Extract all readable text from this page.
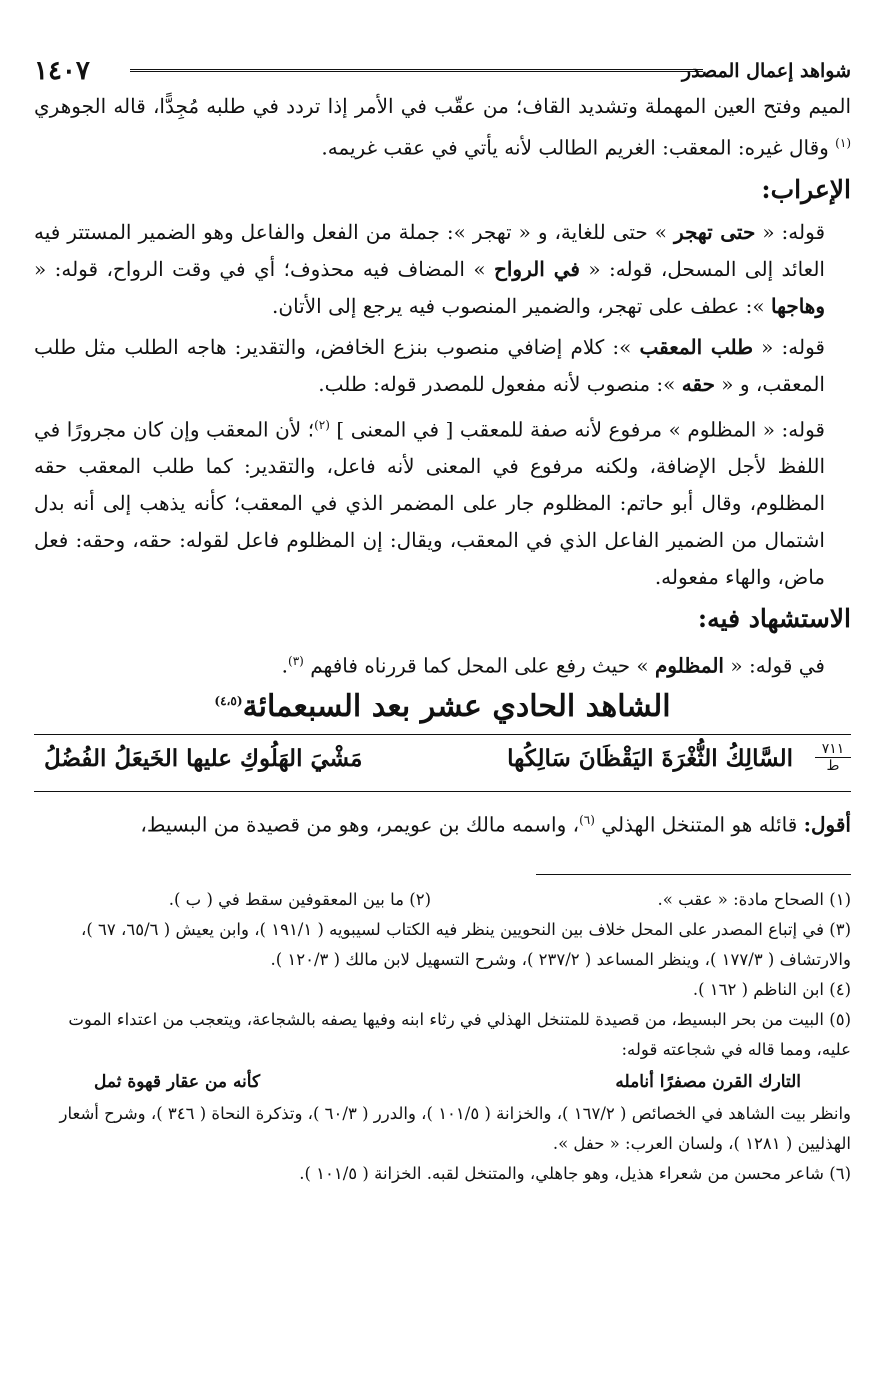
شواهد إعمال المصدر
١٤٠٧

الميم وفتح العين المهملة وتشديد القاف؛ من عقّب في الأمر إذا تردد في طلبه مُجِدًّا، قاله الجوهري $^{(١)}$ وقال غيره: المعقب: الغريم الطالب لأنه يأتي في عقب غريمه.

الإعراب:

قوله: « حتى تهجر » حتى للغاية، و « تهجر »: جملة من الفعل والفاعل وهو الضمير المستتر فيه العائد إلى المسحل، قوله: « في الرواح » المضاف فيه محذوف؛ أي في وقت الرواح، قوله: « وهاجها »: عطف على تهجر، والضمير المنصوب فيه يرجع إلى الأتان.

قوله: « طلب المعقب »: كلام إضافي منصوب بنزع الخافض، والتقدير: هاجه الطلب مثل طلب المعقب، و « حقه »: منصوب لأنه مفعول للمصدر قوله: طلب.

قوله: « المظلوم » مرفوع لأنه صفة للمعقب [ في المعنى ] $^{(٢)}$؛ لأن المعقب وإن كان مجرورًا في اللفظ لأجل الإضافة، ولكنه مرفوع في المعنى لأنه فاعل، والتقدير: كما طلب المعقب حقه المظلوم، وقال أبو حاتم: المظلوم جار على المضمر الذي في المعقب؛ كأنه يذهب إلى أنه بدل اشتمال من الضمير الفاعل الذي في المعقب، ويقال: إن المظلوم فاعل لقوله: حقه، وحقه: فعل ماض، والهاء مفعوله.

الاستشهاد فيه:

في قوله: « المظلوم » حيث رفع على المحل كما قررناه فافهم $^{(٣)}$.

الشاهد الحادي عشر بعد السبعمائة$^{(٤،٥)}$
٧١١
ط
السَّالِكُ الثُّغْرَةَ اليَقْظَانَ سَالِكُها
مَشْيَ الهَلُوكِ عليها الخَيعَلُ الفُضُلُ

أقول: قائله هو المتنخل الهذلي $^{(٦)}$، واسمه مالك بن عويمر، وهو من قصيدة من البسيط،

(١) الصحاح مادة: « عقب ».
(٢) ما بين المعقوفين سقط في ( ب ).
(٣) في إتباع المصدر على المحل خلاف بين النحويين ينظر فيه الكتاب لسيبويه ( ١٩١/١ )، وابن يعيش ( ٦٥/٦، ٦٧ )، والارتشاف ( ١٧٧/٣ )، وينظر المساعد ( ٢٣٧/٢ )، وشرح التسهيل لابن مالك ( ١٢٠/٣ ).
(٤) ابن الناظم ( ١٦٢ ).
(٥) البيت من بحر البسيط، من قصيدة للمتنخل الهذلي في رثاء ابنه وفيها يصفه بالشجاعة، ويتعجب من اعتداء الموت عليه، ومما قاله في شجاعته قوله:
التارك القرن مصفرًا أنامله
كأنه من عقار قهوة ثمل
وانظر بيت الشاهد في الخصائص ( ١٦٧/٢ )، والخزانة ( ١٠١/٥ )، والدرر ( ٦٠/٣ )، وتذكرة النحاة ( ٣٤٦ )، وشرح أشعار الهذليين ( ١٢٨١ )، ولسان العرب: « حفل ».
(٦) شاعر محسن من شعراء هذيل، وهو جاهلي، والمتنخل لقبه. الخزانة ( ١٠١/٥ ).
